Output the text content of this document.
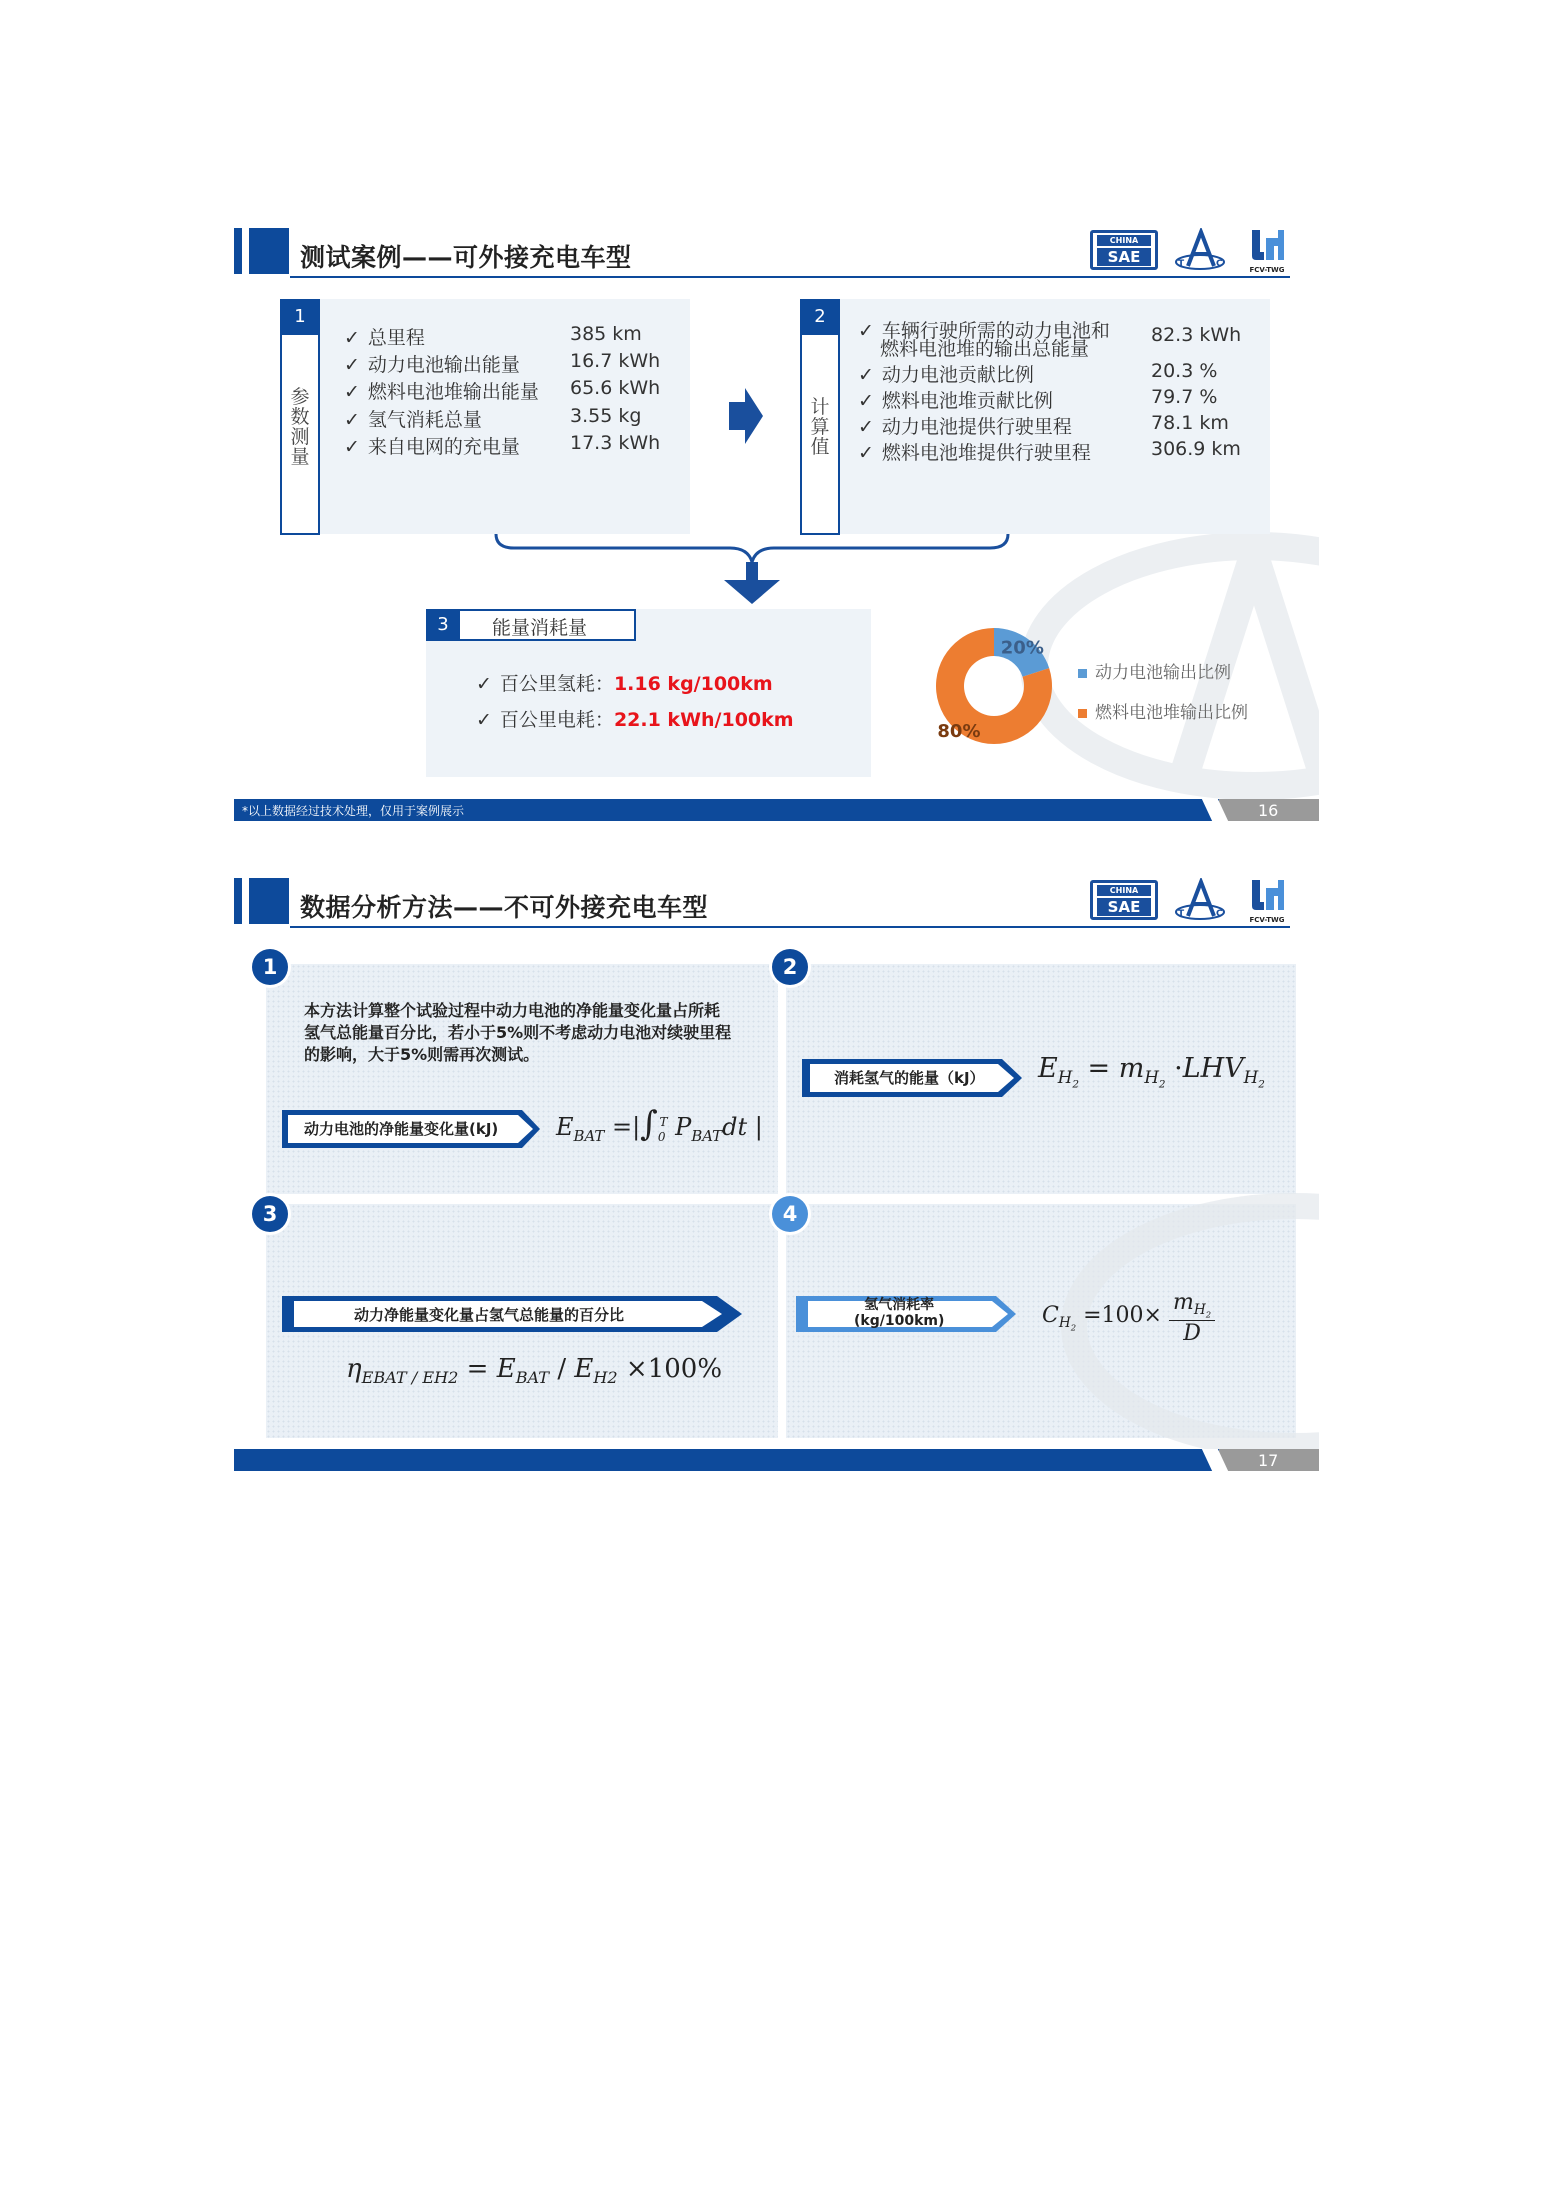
测试案例——可外接充电车型
CHINA
SAE	T	C
FCV-TWG
参数测量
1
✓ 总里程	385 km
✓ 动力电池输出能量	16.7 kWh
✓ 燃料电池堆输出能量 65.6 kWh
✓ 氢气消耗总量	3.55 kg
✓ 来自电网的充电量	17.3 kWh
计算值
2
✓ 车辆行驶所需的动力电池和
燃料电池堆的输出总能量
82.3 kWh
✓ 动力电池贡献比例	20.3 %
✓ 燃料电池堆贡献比例	79.7 %
✓ 动力电池提供行驶里程	78.1 km
✓ 燃料电池堆提供行驶里程	306.9 km
3	能量消耗量
✓ 百公里氢耗：1.16 kg/100km
✓ 百公里电耗：22.1 kWh/100km
20%
80%
动力电池输出比例
燃料电池堆输出比例
*以上数据经过技术处理，仅用于案例展示	16
数据分析方法——不可外接充电车型
CHINA
SAE	T	C
FCV-TWG
1
本方法计算整个试验过程中动力电池的净能量变化量占所耗氢气总能量百分比，若小于5%则不考虑动力电池对续驶里程的影响，大于5%则需再次测试。
动力电池的净能量变化量(kJ) $E_{BAT} =|\int_0^T$ $P_{BAT}dt$ |
2
消耗氢气的能量（kJ） $E_{H_2} = m_{H_2} \cdot LHV_{H_2}$
3
动力净能量变化量占氢气总能量的百分比
$\eta_{EBAT / EH2} = E_{BAT} / E_{H2} \times 100\%$
4
氢气消耗率
(kg/100km)	$C_{H_2} =100\times \frac{m_{H_2}}{D}$
17
